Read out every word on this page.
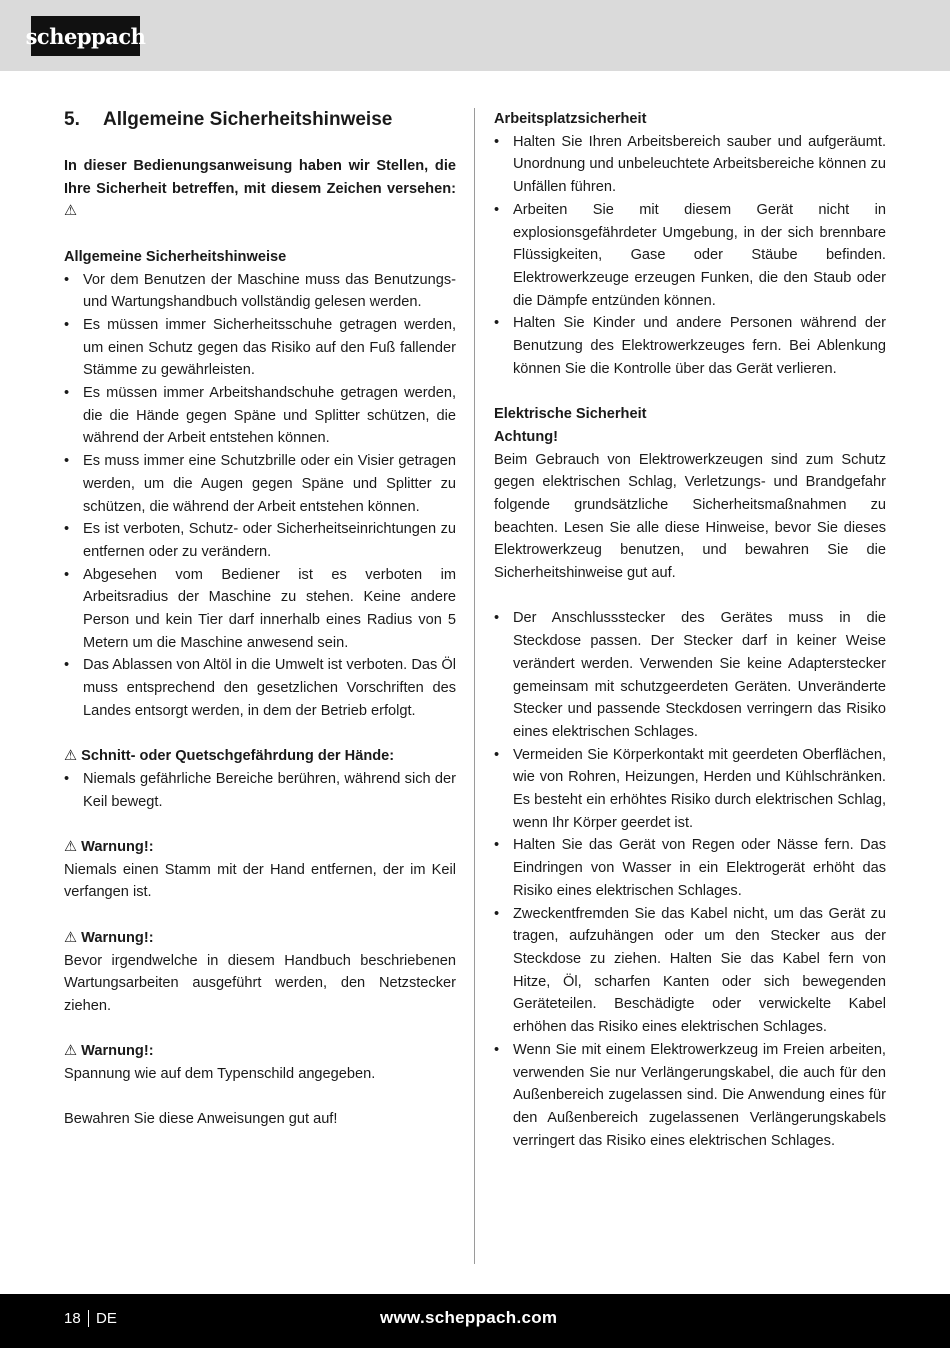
scheppach
5.	Allgemeine Sicherheitshinweise

In dieser Bedienungsanweisung haben wir Stellen, die Ihre Sicherheit betreffen, mit diesem Zeichen versehen: ⚠

Allgemeine Sicherheitshinweise
• Vor dem Benutzen der Maschine muss das Benutzungs- und Wartungshandbuch vollständig gelesen werden.
• Es müssen immer Sicherheitsschuhe getragen werden, um einen Schutz gegen das Risiko auf den Fuß fallender Stämme zu gewährleisten.
• Es müssen immer Arbeitshandschuhe getragen werden, die die Hände gegen Späne und Splitter schützen, die während der Arbeit entstehen können.
• Es muss immer eine Schutzbrille oder ein Visier getragen werden, um die Augen gegen Späne und Splitter zu schützen, die während der Arbeit entstehen können.
• Es ist verboten, Schutz- oder Sicherheitseinrichtungen zu entfernen oder zu verändern.
• Abgesehen vom Bediener ist es verboten im Arbeitsradius der Maschine zu stehen. Keine andere Person und kein Tier darf innerhalb eines Radius von 5 Metern um die Maschine anwesend sein.
• Das Ablassen von Altöl in die Umwelt ist verboten. Das Öl muss entsprechend den gesetzlichen Vorschriften des Landes entsorgt werden, in dem der Betrieb erfolgt.
⚠ Schnitt- oder Quetschgefährdung der Hände:
• Niemals gefährliche Bereiche berühren, während sich der Keil bewegt.
⚠ Warnung!:

Niemals einen Stamm mit der Hand entfernen, der im Keil verfangen ist.

⚠ Warnung!:

Bevor irgendwelche in diesem Handbuch beschriebenen Wartungsarbeiten ausgeführt werden, den Netzstecker ziehen.

⚠ Warnung!:

Spannung wie auf dem Typenschild angegeben.

Bewahren Sie diese Anweisungen gut auf!

Arbeitsplatzsicherheit
• Halten Sie Ihren Arbeitsbereich sauber und aufgeräumt. Unordnung und unbeleuchtete Arbeitsbereiche können zu Unfällen führen.
• Arbeiten Sie mit diesem Gerät nicht in explosionsgefährdeter Umgebung, in der sich brennbare Flüssigkeiten, Gase oder Stäube befinden. Elektrowerkzeuge erzeugen Funken, die den Staub oder die Dämpfe entzünden können.
• Halten Sie Kinder und andere Personen während der Benutzung des Elektrowerkzeuges fern. Bei Ablenkung können Sie die Kontrolle über das Gerät verlieren.
Elektrische Sicherheit
Achtung!

Beim Gebrauch von Elektrowerkzeugen sind zum Schutz gegen elektrischen Schlag, Verletzungs- und Brandgefahr folgende grundsätzliche Sicherheitsmaßnahmen zu beachten. Lesen Sie alle diese Hinweise, bevor Sie dieses Elektrowerkzeug benutzen, und bewahren Sie die Sicherheitshinweise gut auf.

• Der Anschlussstecker des Gerätes muss in die Steckdose passen. Der Stecker darf in keiner Weise verändert werden. Verwenden Sie keine Adapterstecker gemeinsam mit schutzgeerdeten Geräten. Unveränderte Stecker und passende Steckdosen verringern das Risiko eines elektrischen Schlages.
• Vermeiden Sie Körperkontakt mit geerdeten Oberflächen, wie von Rohren, Heizungen, Herden und Kühlschränken. Es besteht ein erhöhtes Risiko durch elektrischen Schlag, wenn Ihr Körper geerdet ist.
• Halten Sie das Gerät von Regen oder Nässe fern. Das Eindringen von Wasser in ein Elektrogerät erhöht das Risiko eines elektrischen Schlages.
• Zweckentfremden Sie das Kabel nicht, um das Gerät zu tragen, aufzuhängen oder um den Stecker aus der Steckdose zu ziehen. Halten Sie das Kabel fern von Hitze, Öl, scharfen Kanten oder sich bewegenden Geräteteilen. Beschädigte oder verwickelte Kabel erhöhen das Risiko eines elektrischen Schlages.
• Wenn Sie mit einem Elektrowerkzeug im Freien arbeiten, verwenden Sie nur Verlängerungskabel, die auch für den Außenbereich zugelassen sind. Die Anwendung eines für den Außenbereich zugelassenen Verlängerungskabels verringert das Risiko eines elektrischen Schlages.
18 DE	www.scheppach.com
